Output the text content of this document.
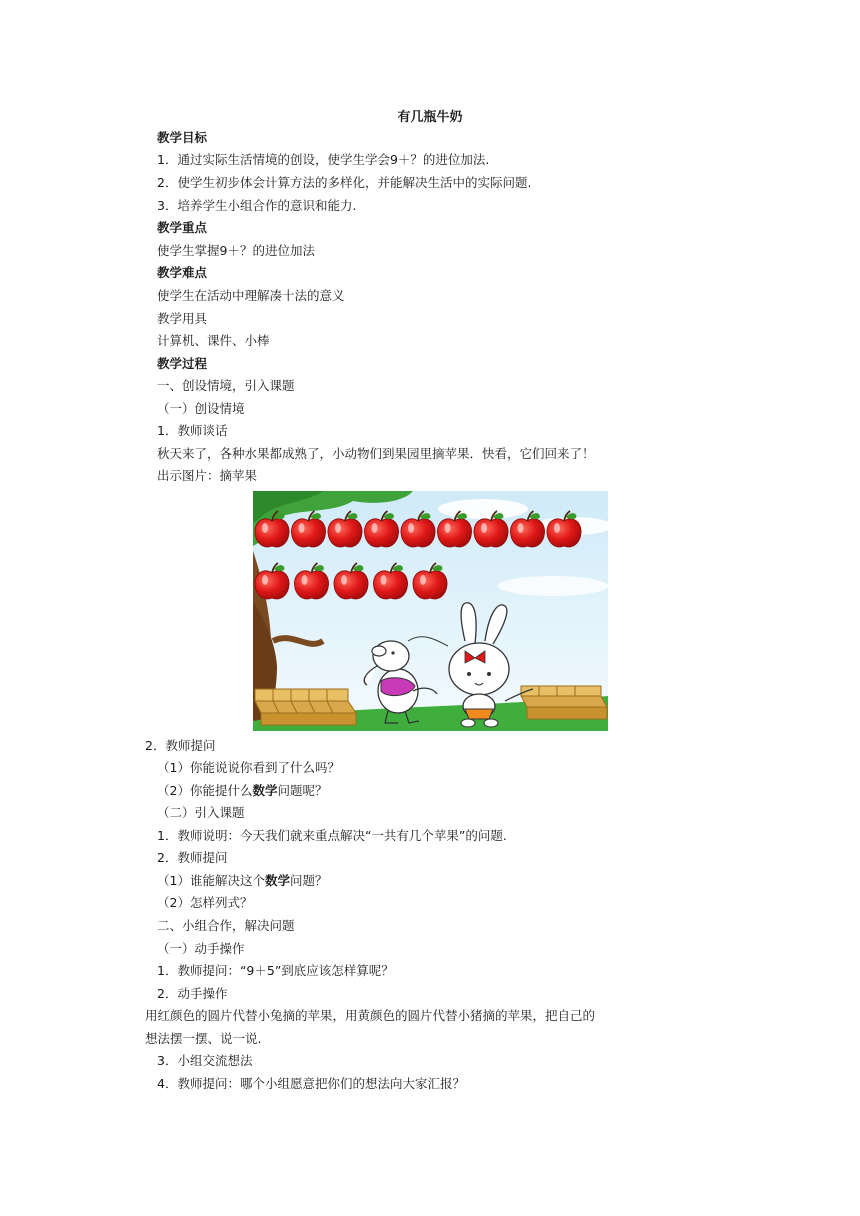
有几瓶牛奶
教学目标
1．通过实际生活情境的创设，使学生学会9＋？的进位加法.
2．使学生初步体会计算方法的多样化，并能解决生活中的实际问题.
3．培养学生小组合作的意识和能力.
教学重点
使学生掌握9＋？的进位加法
教学难点
使学生在活动中理解凑十法的意义
教学用具
计算机、课件、小棒
教学过程
一、创设情境，引入课题
（一）创设情境
1．教师谈话
秋天来了，各种水果都成熟了，小动物们到果园里摘苹果．快看，它们回来了！
出示图片：摘苹果
2．教师提问
（1）你能说说你看到了什么吗？
（2）你能提什么数学问题呢？
（二）引入课题
1．教师说明：今天我们就来重点解决“一共有几个苹果”的问题.
2．教师提问
（1）谁能解决这个数学问题？
（2）怎样列式？
二、小组合作，解决问题
（一）动手操作
1．教师提问：“9＋5”到底应该怎样算呢？
2．动手操作
用红颜色的圆片代替小兔摘的苹果，用黄颜色的圆片代替小猪摘的苹果，把自己的
想法摆一摆、说一说.
3．小组交流想法
4．教师提问：哪个小组愿意把你们的想法向大家汇报？
